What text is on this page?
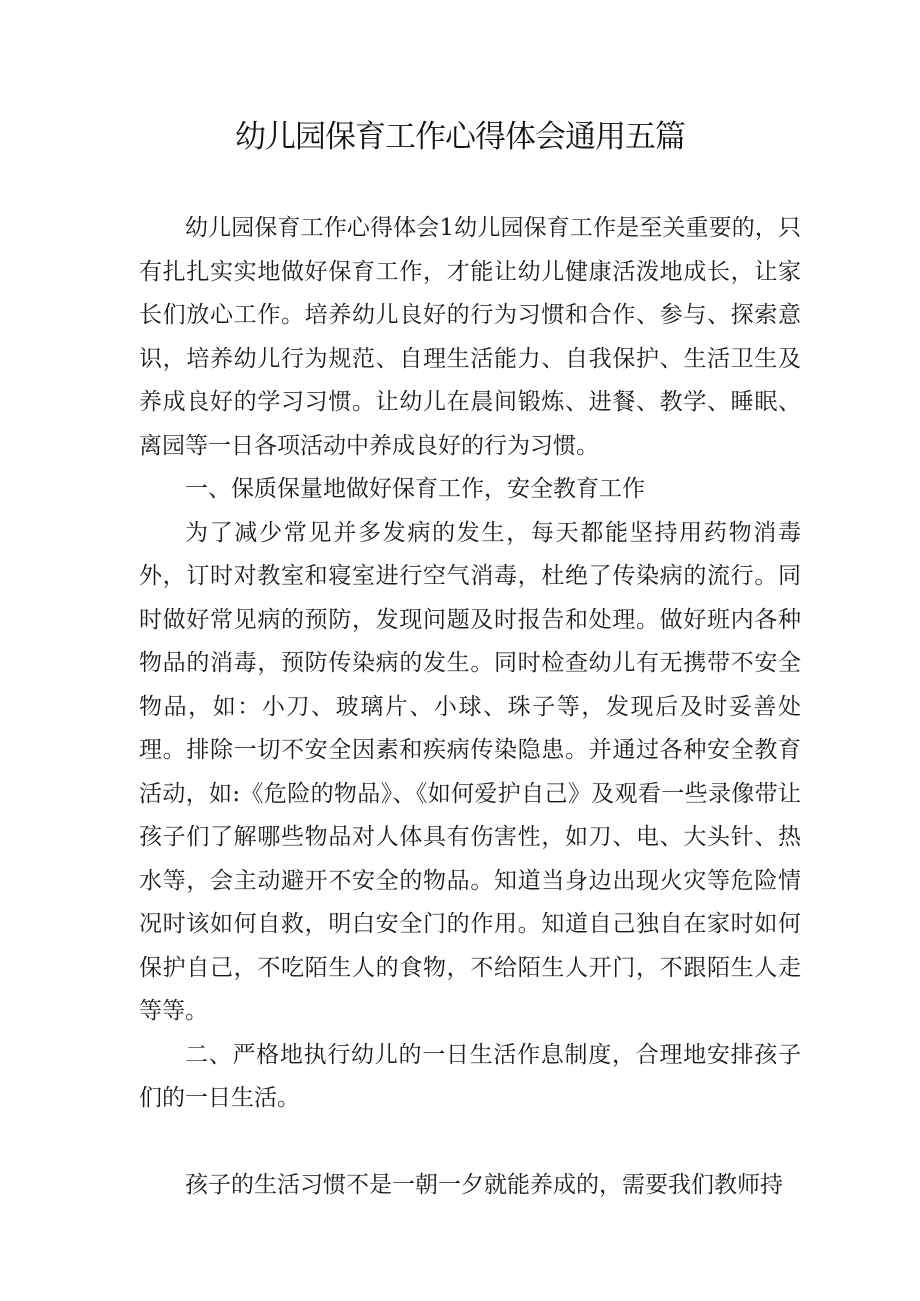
幼儿园保育工作心得体会通用五篇

幼儿园保育工作心得体会1幼儿园保育工作是至关重要的，只有扎扎实实地做好保育工作，才能让幼儿健康活泼地成长，让家长们放心工作。培养幼儿良好的行为习惯和合作、参与、探索意识，培养幼儿行为规范、自理生活能力、自我保护、生活卫生及养成良好的学习习惯。让幼儿在晨间锻炼、进餐、教学、睡眠、离园等一日各项活动中养成良好的行为习惯。

一、保质保量地做好保育工作，安全教育工作

为了减少常见并多发病的发生，每天都能坚持用药物消毒外，订时对教室和寝室进行空气消毒，杜绝了传染病的流行。同时做好常见病的预防，发现问题及时报告和处理。做好班内各种物品的消毒，预防传染病的发生。同时检查幼儿有无携带不安全物品，如：小刀、玻璃片、小球、珠子等，发现后及时妥善处理。排除一切不安全因素和疾病传染隐患。并通过各种安全教育活动，如:《危险的物品》、《如何爱护自己》及观看一些录像带让孩子们了解哪些物品对人体具有伤害性，如刀、电、大头针、热水等，会主动避开不安全的物品。知道当身边出现火灾等危险情况时该如何自救，明白安全门的作用。知道自己独自在家时如何保护自己，不吃陌生人的食物，不给陌生人开门，不跟陌生人走等等。

二、严格地执行幼儿的一日生活作息制度，合理地安排孩子们的一日生活。

孩子的生活习惯不是一朝一夕就能养成的，需要我们教师持
